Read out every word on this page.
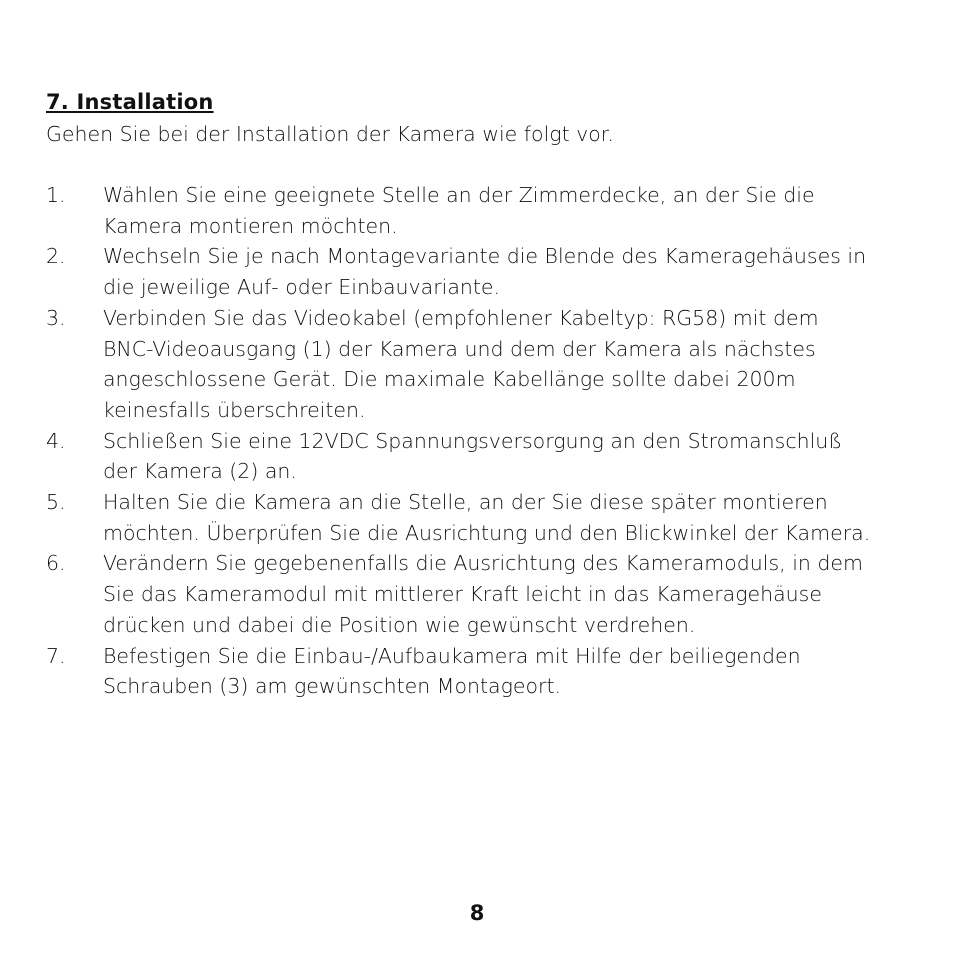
7. Installation
Gehen Sie bei der Installation der Kamera wie folgt vor.
1.	Wählen Sie eine geeignete Stelle an der Zimmerdecke, an der Sie die
Kamera montieren möchten.
2.	Wechseln Sie je nach Montagevariante die Blende des Kameragehäuses in
die jeweilige Auf- oder Einbauvariante.
3.	Verbinden Sie das Videokabel (empfohlener Kabeltyp: RG58) mit dem
BNC-Videoausgang (1) der Kamera und dem der Kamera als nächstes
angeschlossene Gerät. Die maximale Kabellänge sollte dabei 200m
keinesfalls überschreiten.
4.	Schließen Sie eine 12VDC Spannungsversorgung an den Stromanschluß
der Kamera (2) an.
5.	Halten Sie die Kamera an die Stelle, an der Sie diese später montieren
möchten. Überprüfen Sie die Ausrichtung und den Blickwinkel der Kamera.
6.	Verändern Sie gegebenenfalls die Ausrichtung des Kameramoduls, in dem
Sie das Kameramodul mit mittlerer Kraft leicht in das Kameragehäuse
drücken und dabei die Position wie gewünscht verdrehen.
7.	Befestigen Sie die Einbau-/Aufbaukamera mit Hilfe der beiliegenden
Schrauben (3) am gewünschten Montageort.
8
